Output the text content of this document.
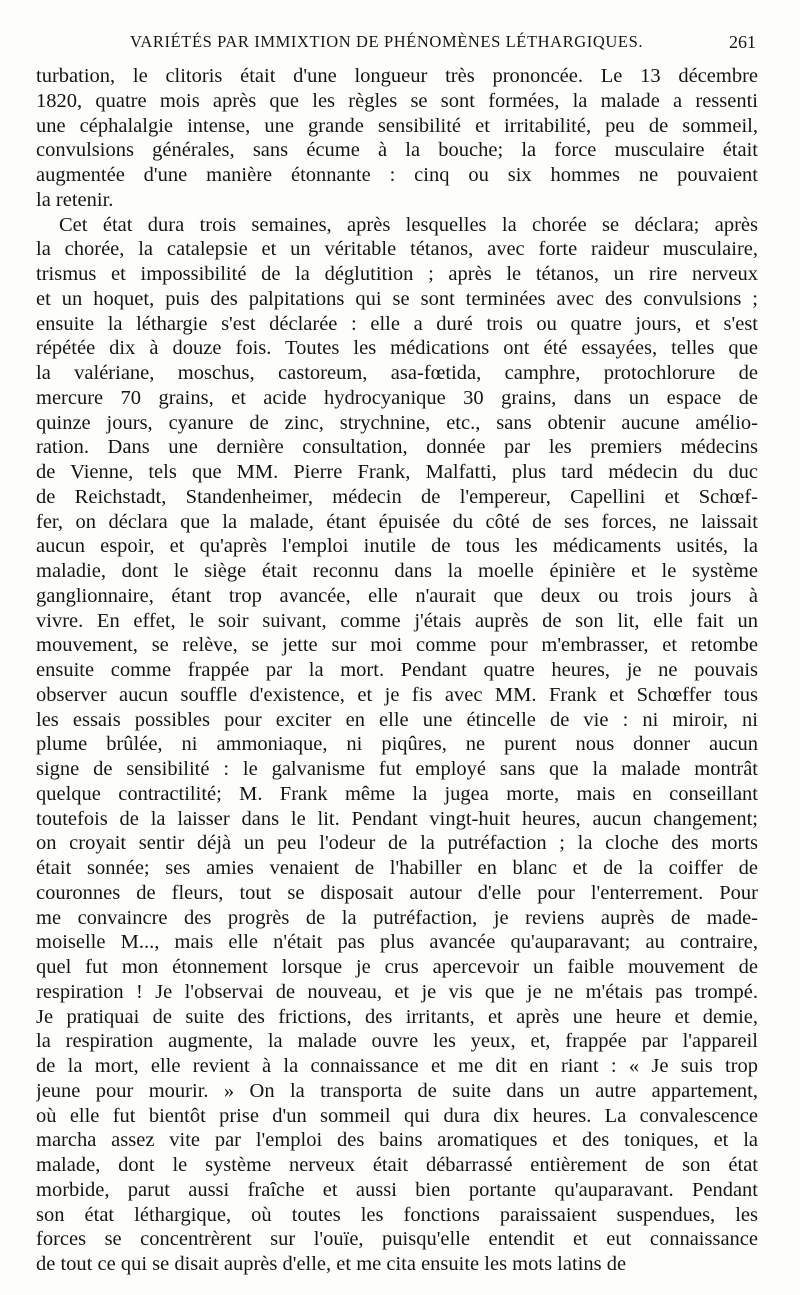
VARIÉTÉS PAR IMMIXTION DE PHÉNOMÈNES LÉTHARGIQUES.	261
turbation, le clitoris était d'une longueur très prononcée. Le 13 décembre
1820, quatre mois après que les règles se sont formées, la malade a ressenti
une céphalalgie intense, une grande sensibilité et irritabilité, peu de sommeil,
convulsions générales, sans écume à la bouche; la force musculaire était
augmentée d'une manière étonnante : cinq ou six hommes ne pouvaient
la retenir.
Cet état dura trois semaines, après lesquelles la chorée se déclara; après
la chorée, la catalepsie et un véritable tétanos, avec forte raideur musculaire,
trismus et impossibilité de la déglutition ; après le tétanos, un rire nerveux
et un hoquet, puis des palpitations qui se sont terminées avec des convulsions ;
ensuite la léthargie s'est déclarée : elle a duré trois ou quatre jours, et s'est
répétée dix à douze fois. Toutes les médications ont été essayées, telles que
la valériane, moschus, castoreum, asa-fœtida, camphre, protochlorure de
mercure 70 grains, et acide hydrocyanique 30 grains, dans un espace de
quinze jours, cyanure de zinc, strychnine, etc., sans obtenir aucune amélio-
ration. Dans une dernière consultation, donnée par les premiers médecins
de Vienne, tels que MM. Pierre Frank, Malfatti, plus tard médecin du duc
de Reichstadt, Standenheimer, médecin de l'empereur, Capellini et Schœf-
fer, on déclara que la malade, étant épuisée du côté de ses forces, ne laissait
aucun espoir, et qu'après l'emploi inutile de tous les médicaments usités, la
maladie, dont le siège était reconnu dans la moelle épinière et le système
ganglionnaire, étant trop avancée, elle n'aurait que deux ou trois jours à
vivre. En effet, le soir suivant, comme j'étais auprès de son lit, elle fait un
mouvement, se relève, se jette sur moi comme pour m'embrasser, et retombe
ensuite comme frappée par la mort. Pendant quatre heures, je ne pouvais
observer aucun souffle d'existence, et je fis avec MM. Frank et Schœffer tous
les essais possibles pour exciter en elle une étincelle de vie : ni miroir, ni
plume brûlée, ni ammoniaque, ni piqûres, ne purent nous donner aucun
signe de sensibilité : le galvanisme fut employé sans que la malade montrât
quelque contractilité; M. Frank même la jugea morte, mais en conseillant
toutefois de la laisser dans le lit. Pendant vingt-huit heures, aucun changement;
on croyait sentir déjà un peu l'odeur de la putréfaction ; la cloche des morts
était sonnée; ses amies venaient de l'habiller en blanc et de la coiffer de
couronnes de fleurs, tout se disposait autour d'elle pour l'enterrement. Pour
me convaincre des progrès de la putréfaction, je reviens auprès de made-
moiselle M..., mais elle n'était pas plus avancée qu'auparavant; au contraire,
quel fut mon étonnement lorsque je crus apercevoir un faible mouvement de
respiration ! Je l'observai de nouveau, et je vis que je ne m'étais pas trompé.
Je pratiquai de suite des frictions, des irritants, et après une heure et demie,
la respiration augmente, la malade ouvre les yeux, et, frappée par l'appareil
de la mort, elle revient à la connaissance et me dit en riant : « Je suis trop
jeune pour mourir. » On la transporta de suite dans un autre appartement,
où elle fut bientôt prise d'un sommeil qui dura dix heures. La convalescence
marcha assez vite par l'emploi des bains aromatiques et des toniques, et la
malade, dont le système nerveux était débarrassé entièrement de son état
morbide, parut aussi fraîche et aussi bien portante qu'auparavant. Pendant
son état léthargique, où toutes les fonctions paraissaient suspendues, les
forces se concentrèrent sur l'ouïe, puisqu'elle entendit et eut connaissance
de tout ce qui se disait auprès d'elle, et me cita ensuite les mots latins de
